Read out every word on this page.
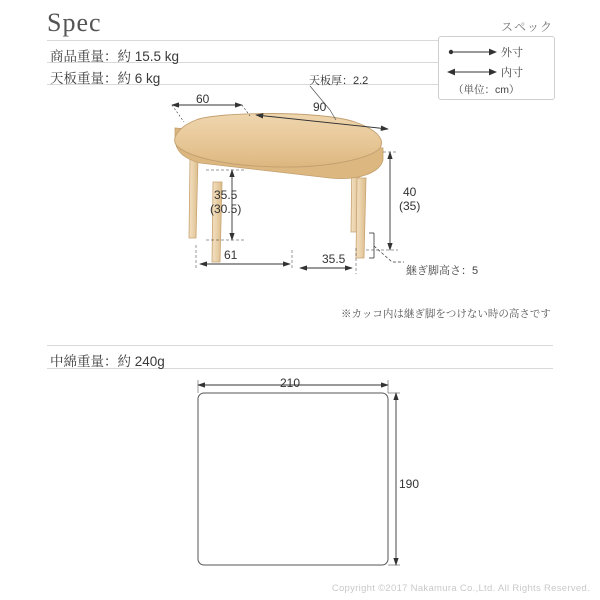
Spec	スペック
商品重量：約 15.5 kg
天板重量：約 6 kg
中綿重量：約 240g
外寸
内寸
（単位：cm）
60
90
天板厚：2.2
35.5
(30.5)
40
(35)
61	35.5
継ぎ脚高さ：5
※カッコ内は継ぎ脚をつけない時の高さです
210
190
Copyright ©2017 Nakamura Co.,Ltd. All Rights Reserved.
